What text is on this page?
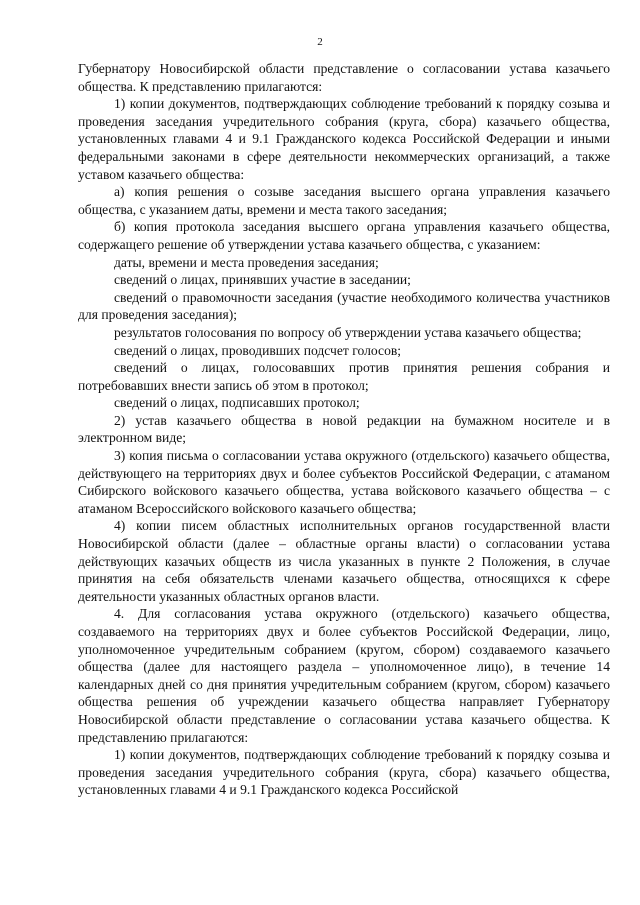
2

Губернатору Новосибирской области представление о согласовании устава казачьего общества. К представлению прилагаются:

1) копии документов, подтверждающих соблюдение требований к порядку созыва и проведения заседания учредительного собрания (круга, сбора) казачьего общества, установленных главами 4 и 9.1 Гражданского кодекса Российской Федерации и иными федеральными законами в сфере деятельности некоммерческих организаций, а также уставом казачьего общества:

а) копия решения о созыве заседания высшего органа управления казачьего общества, с указанием даты, времени и места такого заседания;

б) копия протокола заседания высшего органа управления казачьего общества, содержащего решение об утверждении устава казачьего общества, с указанием:

даты, времени и места проведения заседания;

сведений о лицах, принявших участие в заседании;

сведений о правомочности заседания (участие необходимого количества участников для проведения заседания);

результатов голосования по вопросу об утверждении устава казачьего общества;

сведений о лицах, проводивших подсчет голосов;

сведений о лицах, голосовавших против принятия решения собрания и потребовавших внести запись об этом в протокол;

сведений о лицах, подписавших протокол;

2) устав казачьего общества в новой редакции на бумажном носителе и в электронном виде;

3) копия письма о согласовании устава окружного (отдельского) казачьего общества, действующего на территориях двух и более субъектов Российской Федерации, с атаманом Сибирского войскового казачьего общества, устава войскового казачьего общества – с атаманом Всероссийского войскового казачьего общества;

4) копии писем областных исполнительных органов государственной власти Новосибирской области (далее – областные органы власти) о согласовании устава действующих казачьих обществ из числа указанных в пункте 2 Положения, в случае принятия на себя обязательств членами казачьего общества, относящихся к сфере деятельности указанных областных органов власти.

4. Для согласования устава окружного (отдельского) казачьего общества, создаваемого на территориях двух и более субъектов Российской Федерации, лицо, уполномоченное учредительным собранием (кругом, сбором) создаваемого казачьего общества (далее для настоящего раздела – уполномоченное лицо), в течение 14 календарных дней со дня принятия учредительным собранием (кругом, сбором) казачьего общества решения об учреждении казачьего общества направляет Губернатору Новосибирской области представление о согласовании устава казачьего общества. К представлению прилагаются:

1) копии документов, подтверждающих соблюдение требований к порядку созыва и проведения заседания учредительного собрания (круга, сбора) казачьего общества, установленных главами 4 и 9.1 Гражданского кодекса Российской
